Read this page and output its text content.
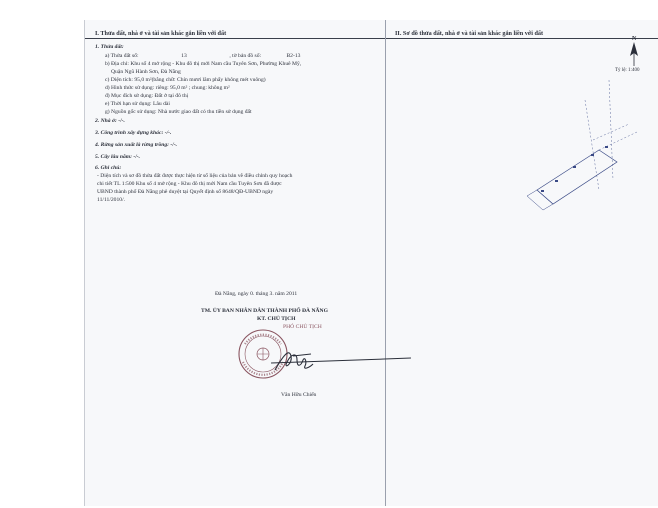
I. Thửa đất, nhà ở và tài sản khác gắn liền với đất
1. Thửa đất:
a) Thửa đất số:	13	, tờ bản đồ số:	B2-13
b) Địa chỉ: Khu số 4 mở rộng - Khu đô thị mới Nam cầu Tuyên Sơn, Phường Khuê Mỹ,
Quận Ngũ Hành Sơn, Đà Nẵng
c) Diện tích: 95,0 m²(bằng chữ: Chín mươi lăm phẩy không mét vuông)
d) Hình thức sử dụng: riêng: 95,0 m² ; chung: không m²
đ) Mục đích sử dụng: Đất ở tại đô thị
e) Thời hạn sử dụng: Lâu dài
g) Nguồn gốc sử dụng: Nhà nước giao đất có thu tiền sử dụng đất
2. Nhà ở: -/-.
3. Công trình xây dựng khác: -/-.
4. Rừng sản xuất là rừng trồng: -/-.
5. Cây lâu năm: -/-.
6. Ghi chú:
- Diện tích và sơ đồ thửa đất được thực hiện từ số liệu của bản vẽ điều chỉnh quy hoạch
chi tiết TL 1:500 Khu số 4 mở rộng - Khu đô thị mới Nam cầu Tuyên Sơn đã được
UBND thành phố Đà Nẵng phê duyệt tại Quyết định số 8648/QĐ-UBND ngày
11/11/2010/.
Đà Nẵng, ngày 0. tháng 3. năm 2011
TM. ỦY BAN NHÂN DÂN THÀNH PHỐ ĐÀ NẴNG
KT. CHỦ TỊCH
PHÓ CHỦ TỊCH
Văn Hữu Chiến
II. Sơ đồ thửa đất, nhà ở và tài sản khác gắn liền với đất
N
Tỷ lệ: 1:400
